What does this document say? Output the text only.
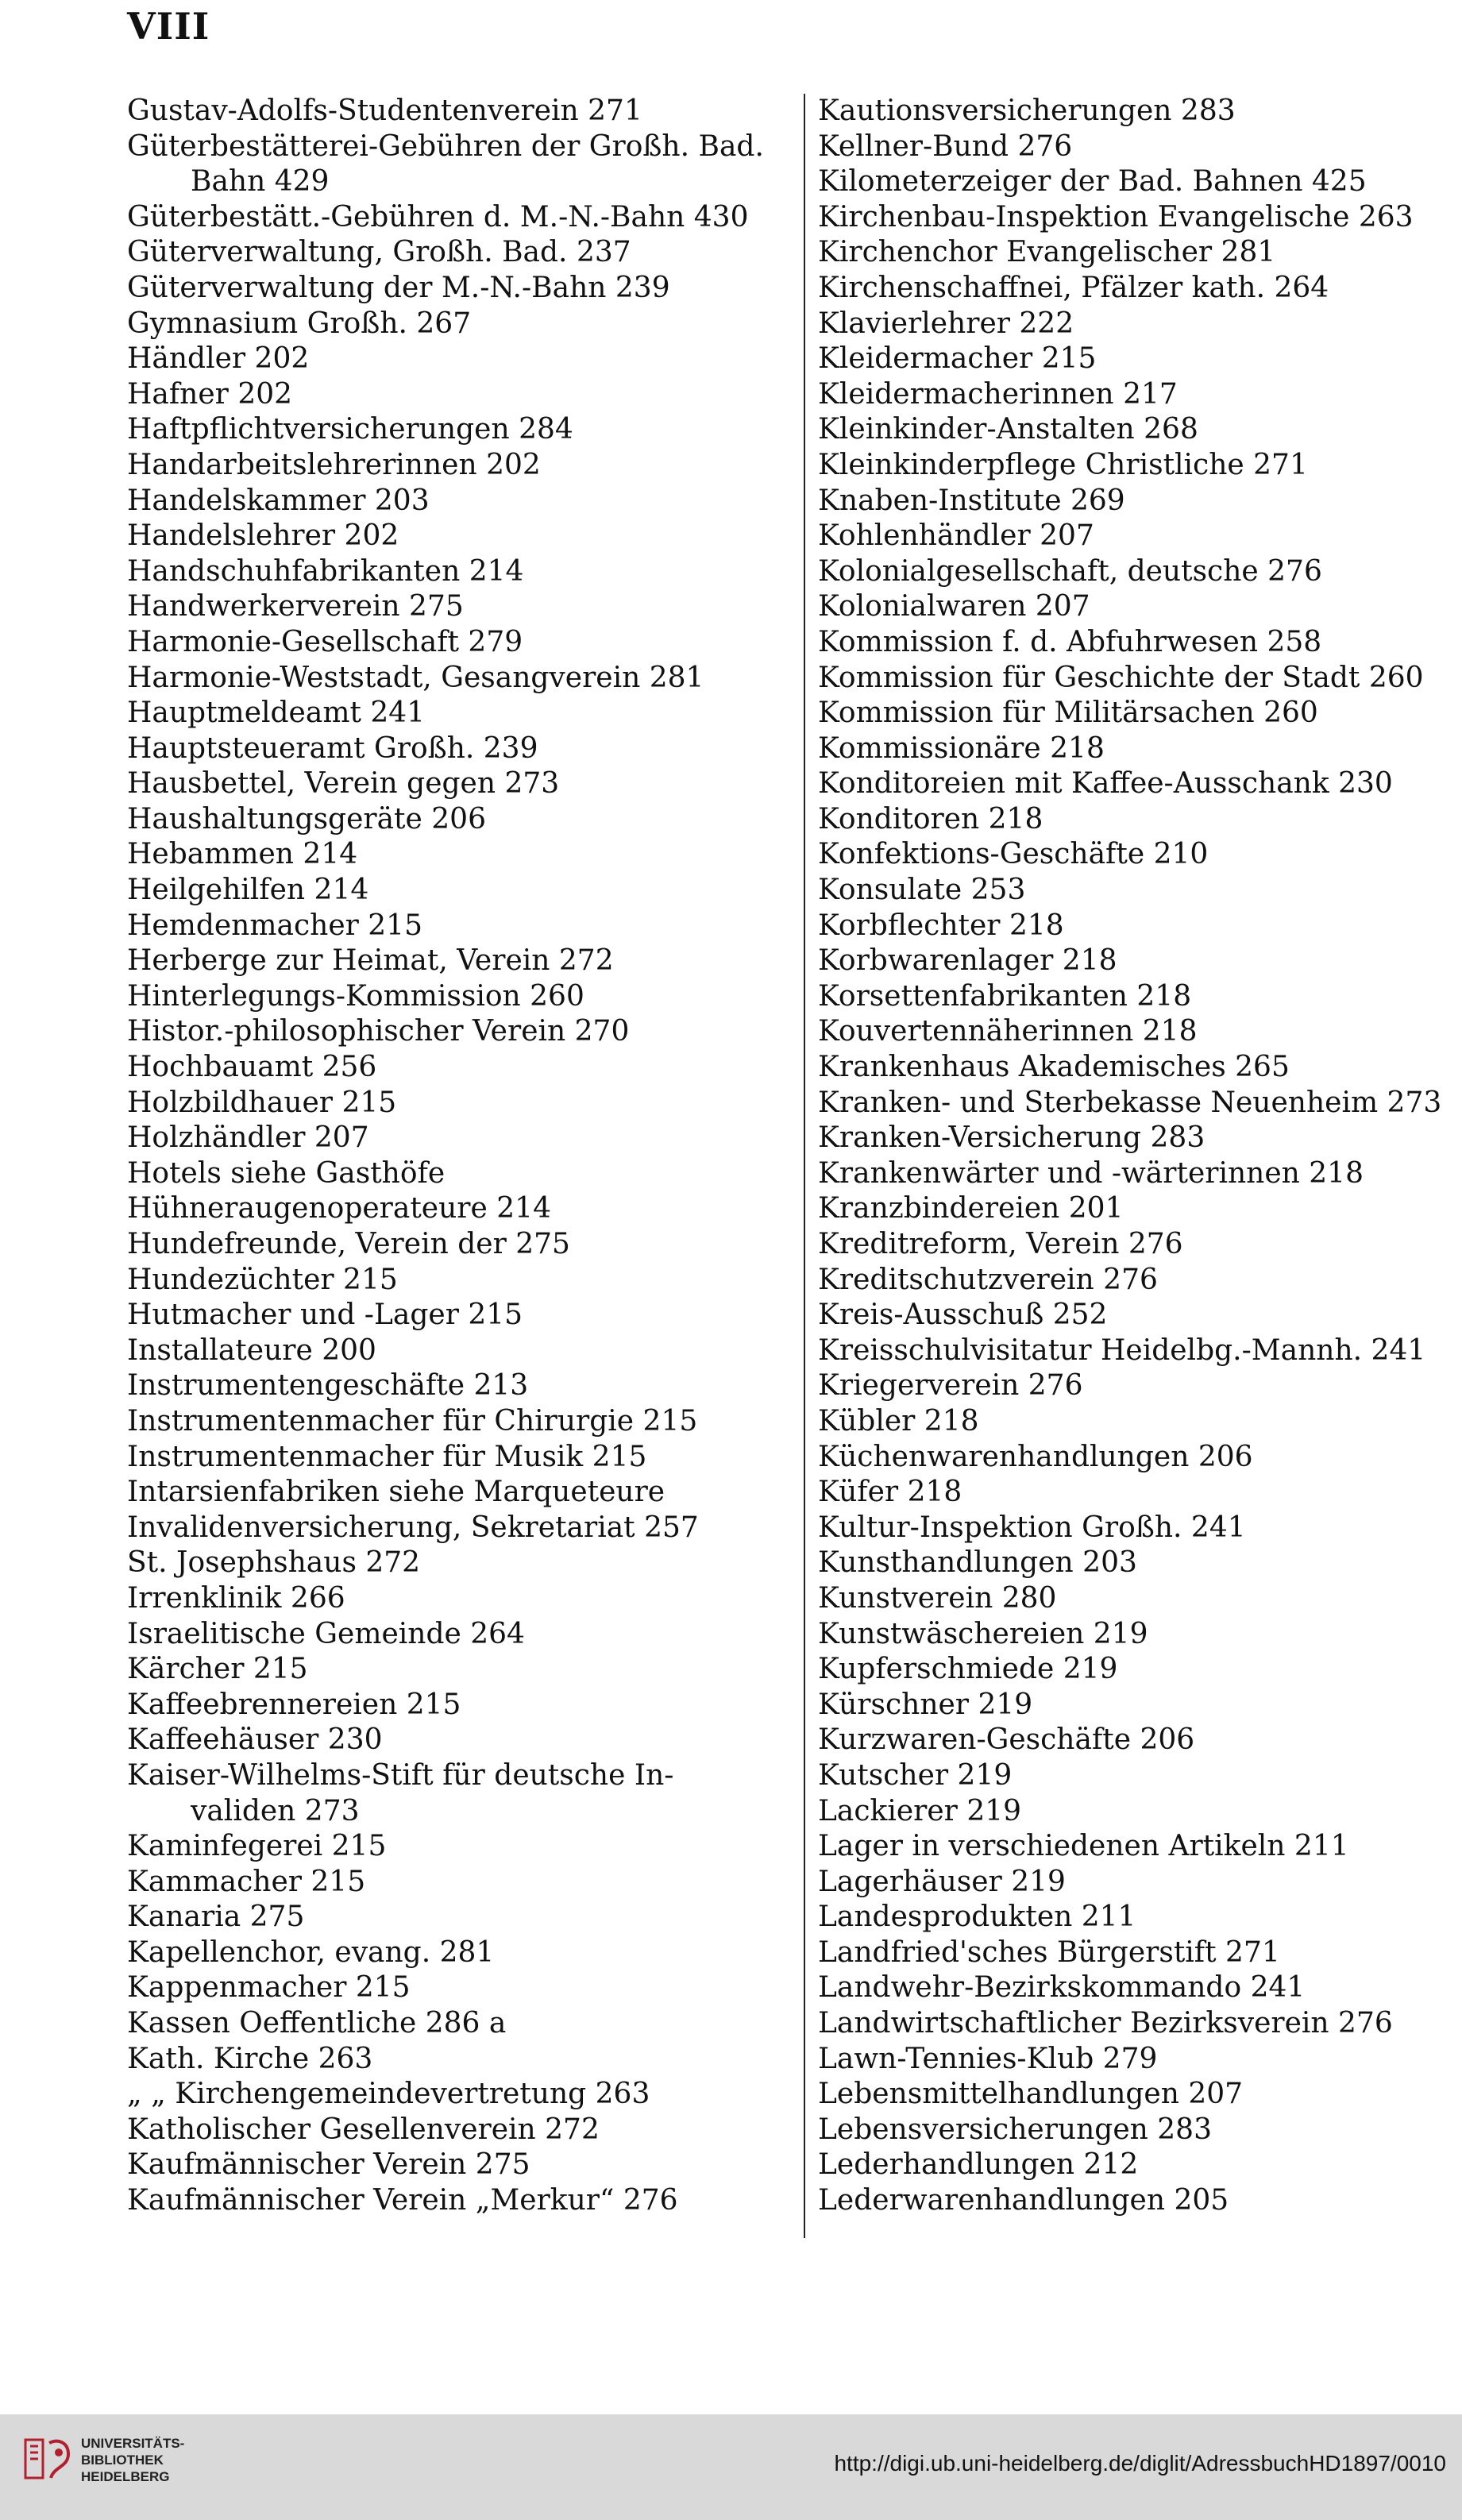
VIII
Gustav-Adolfs-Studentenverein 271
Güterbestätterei-Gebühren der Großh. Bad.
Bahn 429
Güterbestätt.-Gebühren d. M.-N.-Bahn 430
Güterverwaltung, Großh. Bad. 237
Güterverwaltung der M.-N.-Bahn 239
Gymnasium Großh. 267
Händler 202
Hafner 202
Haftpflichtversicherungen 284
Handarbeitslehrerinnen 202
Handelskammer 203
Handelslehrer 202
Handschuhfabrikanten 214
Handwerkerverein 275
Harmonie-Gesellschaft 279
Harmonie-Weststadt, Gesangverein 281
Hauptmeldeamt 241
Hauptsteueramt Großh. 239
Hausbettel, Verein gegen 273
Haushaltungsgeräte 206
Hebammen 214
Heilgehilfen 214
Hemdenmacher 215
Herberge zur Heimat, Verein 272
Hinterlegungs-Kommission 260
Histor.-philosophischer Verein 270
Hochbauamt 256
Holzbildhauer 215
Holzhändler 207
Hotels siehe Gasthöfe
Hühneraugenoperateure 214
Hundefreunde, Verein der 275
Hundezüchter 215
Hutmacher und -Lager 215
Installateure 200
Instrumentengeschäfte 213
Instrumentenmacher für Chirurgie 215
Instrumentenmacher für Musik 215
Intarsienfabriken siehe Marqueteure
Invalidenversicherung, Sekretariat 257
St. Josephshaus 272
Irrenklinik 266
Israelitische Gemeinde 264
Kärcher 215
Kaffeebrennereien 215
Kaffeehäuser 230
Kaiser-Wilhelms-Stift für deutsche In-
validen 273
Kaminfegerei 215
Kammacher 215
Kanaria 275
Kapellenchor, evang. 281
Kappenmacher 215
Kassen Oeffentliche 286 a
Kath. Kirche 263
„ „ Kirchengemeindevertretung 263
Katholischer Gesellenverein 272
Kaufmännischer Verein 275
Kaufmännischer Verein „Merkur“ 276
Kautionsversicherungen 283
Kellner-Bund 276
Kilometerzeiger der Bad. Bahnen 425
Kirchenbau-Inspektion Evangelische 263
Kirchenchor Evangelischer 281
Kirchenschaffnei, Pfälzer kath. 264
Klavierlehrer 222
Kleidermacher 215
Kleidermacherinnen 217
Kleinkinder-Anstalten 268
Kleinkinderpflege Christliche 271
Knaben-Institute 269
Kohlenhändler 207
Kolonialgesellschaft, deutsche 276
Kolonialwaren 207
Kommission f. d. Abfuhrwesen 258
Kommission für Geschichte der Stadt 260
Kommission für Militärsachen 260
Kommissionäre 218
Konditoreien mit Kaffee-Ausschank 230
Konditoren 218
Konfektions-Geschäfte 210
Konsulate 253
Korbflechter 218
Korbwarenlager 218
Korsettenfabrikanten 218
Kouvertennäherinnen 218
Krankenhaus Akademisches 265
Kranken- und Sterbekasse Neuenheim 273
Kranken-Versicherung 283
Krankenwärter und -wärterinnen 218
Kranzbindereien 201
Kreditreform, Verein 276
Kreditschutzverein 276
Kreis-Ausschuß 252
Kreisschulvisitatur Heidelbg.-Mannh. 241
Kriegerverein 276
Kübler 218
Küchenwarenhandlungen 206
Küfer 218
Kultur-Inspektion Großh. 241
Kunsthandlungen 203
Kunstverein 280
Kunstwäschereien 219
Kupferschmiede 219
Kürschner 219
Kurzwaren-Geschäfte 206
Kutscher 219
Lackierer 219
Lager in verschiedenen Artikeln 211
Lagerhäuser 219
Landesprodukten 211
Landfried'sches Bürgerstift 271
Landwehr-Bezirkskommando 241
Landwirtschaftlicher Bezirksverein 276
Lawn-Tennies-Klub 279
Lebensmittelhandlungen 207
Lebensversicherungen 283
Lederhandlungen 212
Lederwarenhandlungen 205
UNIVERSITÄTS-
BIBLIOTHEK
HEIDELBERG
http://digi.ub.uni-heidelberg.de/diglit/AdressbuchHD1897/0010
